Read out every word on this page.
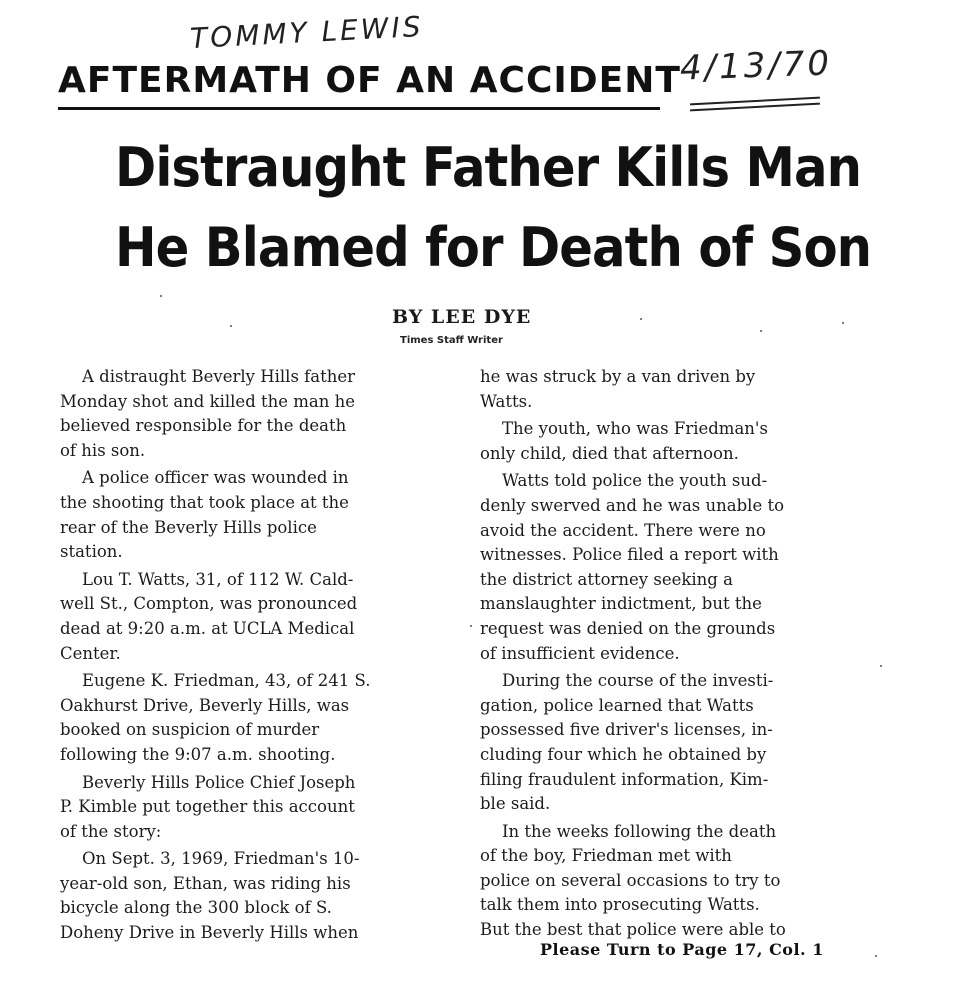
TOMMY LEWIS
4/13/70
AFTERMATH OF AN ACCIDENT
Distraught Father Kills Man
He Blamed for Death of Son
BY LEE DYE
Times Staff Writer
A distraught Beverly Hills father
Monday shot and killed the man he
believed responsible for the death
of his son.
A police officer was wounded in
the shooting that took place at the
rear of the Beverly Hills police
station.
Lou T. Watts, 31, of 112 W. Cald-
well St., Compton, was pronounced
dead at 9:20 a.m. at UCLA Medical
Center.
Eugene K. Friedman, 43, of 241 S.
Oakhurst Drive, Beverly Hills, was
booked on suspicion of murder
following the 9:07 a.m. shooting.
Beverly Hills Police Chief Joseph
P. Kimble put together this account
of the story:
On Sept. 3, 1969, Friedman's 10-
year-old son, Ethan, was riding his
bicycle along the 300 block of S.
Doheny Drive in Beverly Hills when
he was struck by a van driven by
Watts.
The youth, who was Friedman's
only child, died that afternoon.
Watts told police the youth sud-
denly swerved and he was unable to
avoid the accident. There were no
witnesses. Police filed a report with
the district attorney seeking a
manslaughter indictment, but the
request was denied on the grounds
of insufficient evidence.
During the course of the investi-
gation, police learned that Watts
possessed five driver's licenses, in-
cluding four which he obtained by
filing fraudulent information, Kim-
ble said.
In the weeks following the death
of the boy, Friedman met with
police on several occasions to try to
talk them into prosecuting Watts.
But the best that police were able to
Please Turn to Page 17, Col. 1
